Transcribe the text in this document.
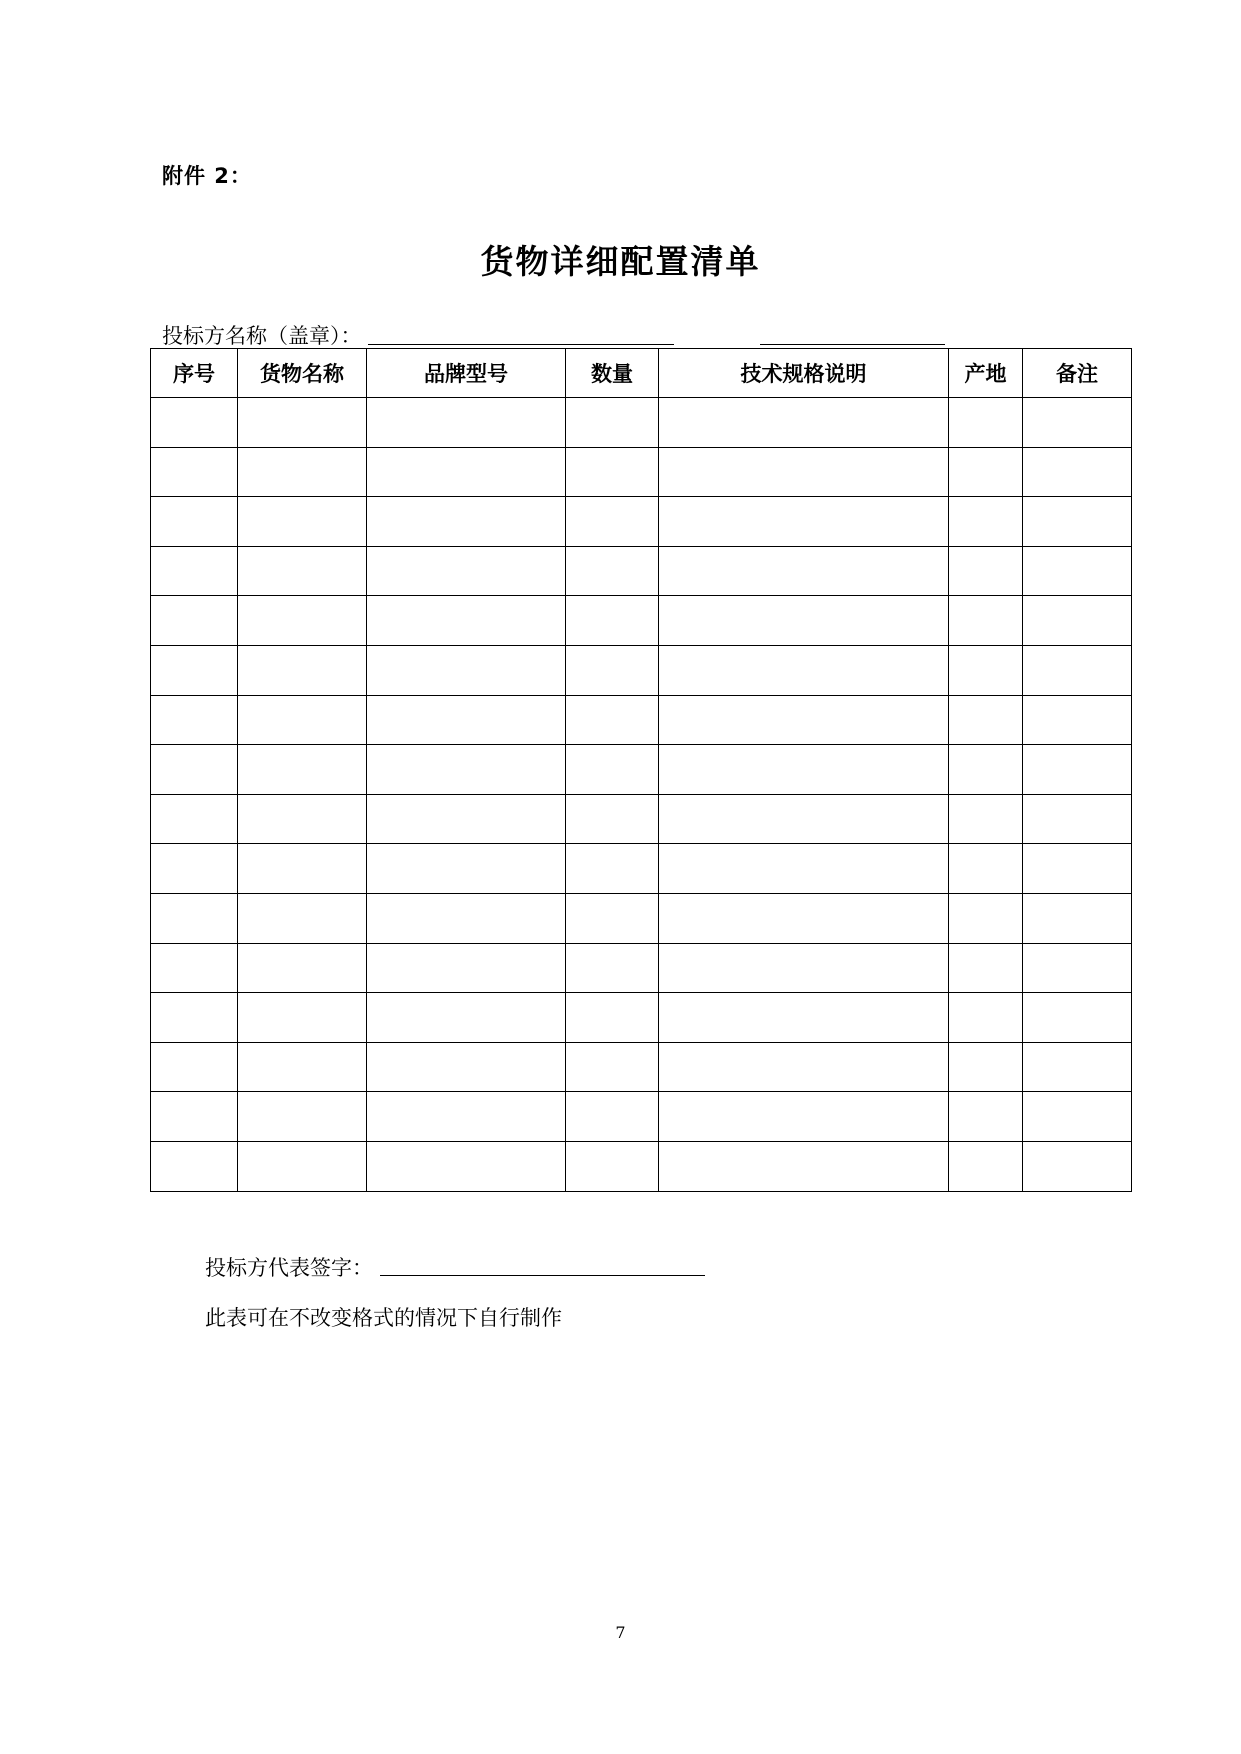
附件 2：
货物详细配置清单
投标方名称（盖章）：
序号	货物名称	品牌型号	数量	技术规格说明	产地	备注

投标方代表签字：
此表可在不改变格式的情况下自行制作
7
